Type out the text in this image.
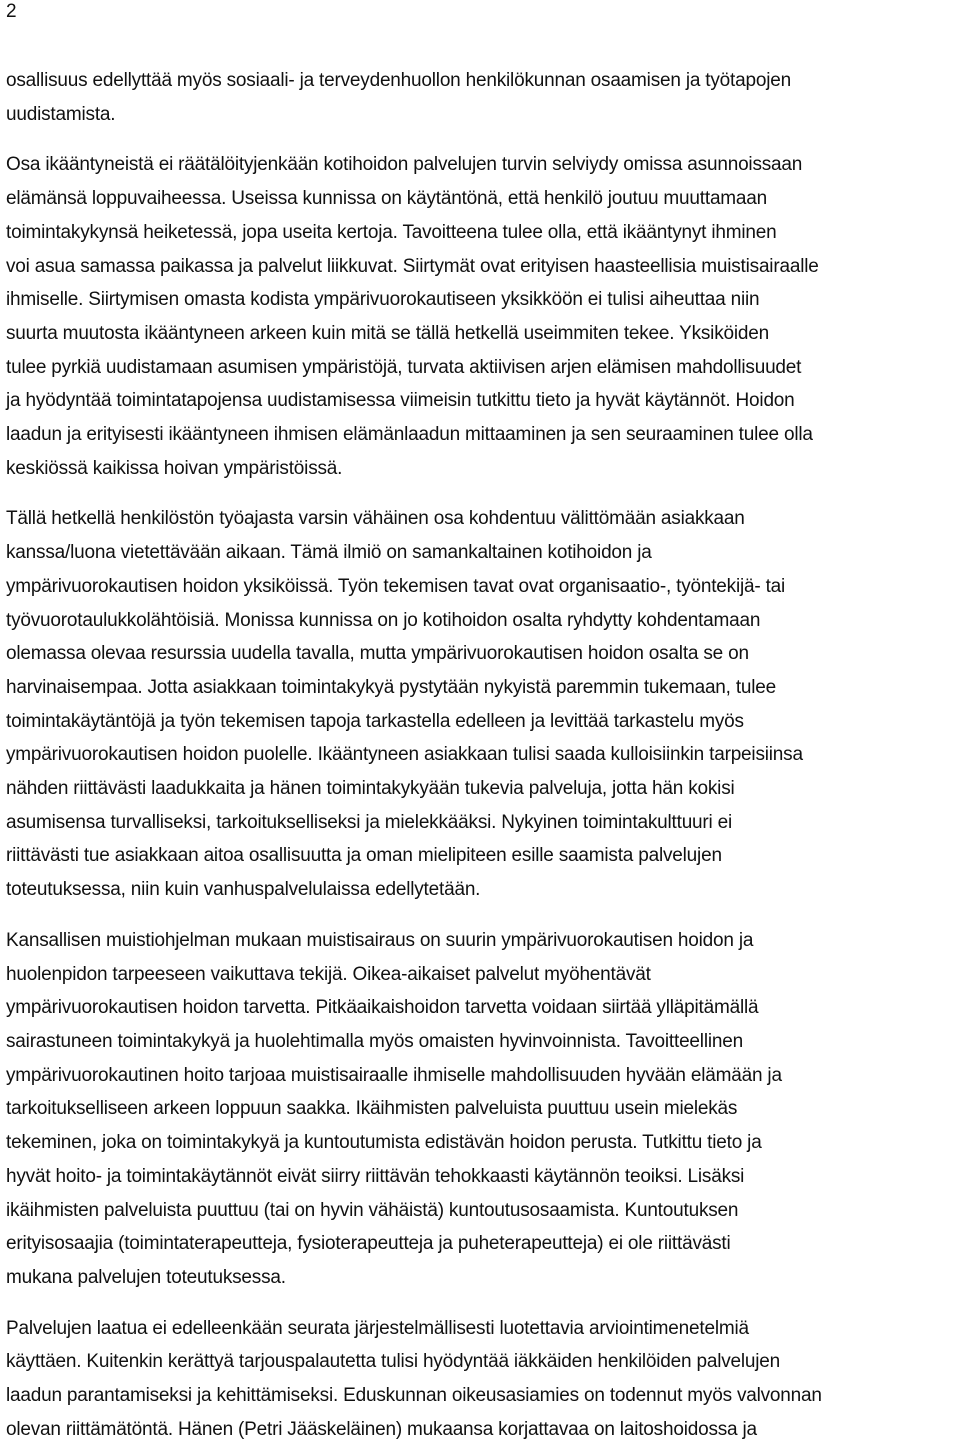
2

osallisuus edellyttää myös sosiaali- ja terveydenhuollon henkilökunnan osaamisen ja työtapojen
uudistamista.

Osa ikääntyneistä ei räätälöityjenkään kotihoidon palvelujen turvin selviydy omissa asunnoissaan
elämänsä loppuvaiheessa. Useissa kunnissa on käytäntönä, että henkilö joutuu muuttamaan
toimintakykynsä heiketessä, jopa useita kertoja. Tavoitteena tulee olla, että ikääntynyt ihminen
voi asua samassa paikassa ja palvelut liikkuvat. Siirtymät ovat erityisen haasteellisia muistisairaalle
ihmiselle. Siirtymisen omasta kodista ympärivuorokautiseen yksikköön ei tulisi aiheuttaa niin
suurta muutosta ikääntyneen arkeen kuin mitä se tällä hetkellä useimmiten tekee. Yksiköiden
tulee pyrkiä uudistamaan asumisen ympäristöjä, turvata aktiivisen arjen elämisen mahdollisuudet
ja hyödyntää toimintatapojensa uudistamisessa viimeisin tutkittu tieto ja hyvät käytännöt. Hoidon
laadun ja erityisesti ikääntyneen ihmisen elämänlaadun mittaaminen ja sen seuraaminen tulee olla
keskiössä kaikissa hoivan ympäristöissä.

Tällä hetkellä henkilöstön työajasta varsin vähäinen osa kohdentuu välittömään asiakkaan
kanssa/luona vietettävään aikaan. Tämä ilmiö on samankaltainen kotihoidon ja
ympärivuorokautisen hoidon yksiköissä. Työn tekemisen tavat ovat organisaatio-, työntekijä- tai
työvuorotaulukkolähtöisiä. Monissa kunnissa on jo kotihoidon osalta ryhdytty kohdentamaan
olemassa olevaa resurssia uudella tavalla, mutta ympärivuorokautisen hoidon osalta se on
harvinaisempaa. Jotta asiakkaan toimintakykyä pystytään nykyistä paremmin tukemaan, tulee
toimintakäytäntöjä ja työn tekemisen tapoja tarkastella edelleen ja levittää tarkastelu myös
ympärivuorokautisen hoidon puolelle. Ikääntyneen asiakkaan tulisi saada kulloisiinkin tarpeisiinsa
nähden riittävästi laadukkaita ja hänen toimintakykyään tukevia palveluja, jotta hän kokisi
asumisensa turvalliseksi, tarkoitukselliseksi ja mielekkääksi. Nykyinen toimintakulttuuri ei
riittävästi tue asiakkaan aitoa osallisuutta ja oman mielipiteen esille saamista palvelujen
toteutuksessa, niin kuin vanhuspalvelulaissa edellytetään.

Kansallisen muistiohjelman mukaan muistisairaus on suurin ympärivuorokautisen hoidon ja
huolenpidon tarpeeseen vaikuttava tekijä. Oikea-aikaiset palvelut myöhentävät
ympärivuorokautisen hoidon tarvetta. Pitkäaikaishoidon tarvetta voidaan siirtää ylläpitämällä
sairastuneen toimintakykyä ja huolehtimalla myös omaisten hyvinvoinnista. Tavoitteellinen
ympärivuorokautinen hoito tarjoaa muistisairaalle ihmiselle mahdollisuuden hyvään elämään ja
tarkoitukselliseen arkeen loppuun saakka. Ikäihmisten palveluista puuttuu usein mielekäs
tekeminen, joka on toimintakykyä ja kuntoutumista edistävän hoidon perusta. Tutkittu tieto ja
hyvät hoito- ja toimintakäytännöt eivät siirry riittävän tehokkaasti käytännön teoiksi. Lisäksi
ikäihmisten palveluista puuttuu (tai on hyvin vähäistä) kuntoutusosaamista. Kuntoutuksen
erityisosaajia (toimintaterapeutteja, fysioterapeutteja ja puheterapeutteja) ei ole riittävästi
mukana palvelujen toteutuksessa.

Palvelujen laatua ei edelleenkään seurata järjestelmällisesti luotettavia arviointimenetelmiä
käyttäen. Kuitenkin kerättyä tarjouspalautetta tulisi hyödyntää iäkkäiden henkilöiden palvelujen
laadun parantamiseksi ja kehittämiseksi. Eduskunnan oikeusasiamies on todennut myös valvonnan
olevan riittämätöntä. Hänen (Petri Jääskeläinen) mukaansa korjattavaa on laitoshoidossa ja
